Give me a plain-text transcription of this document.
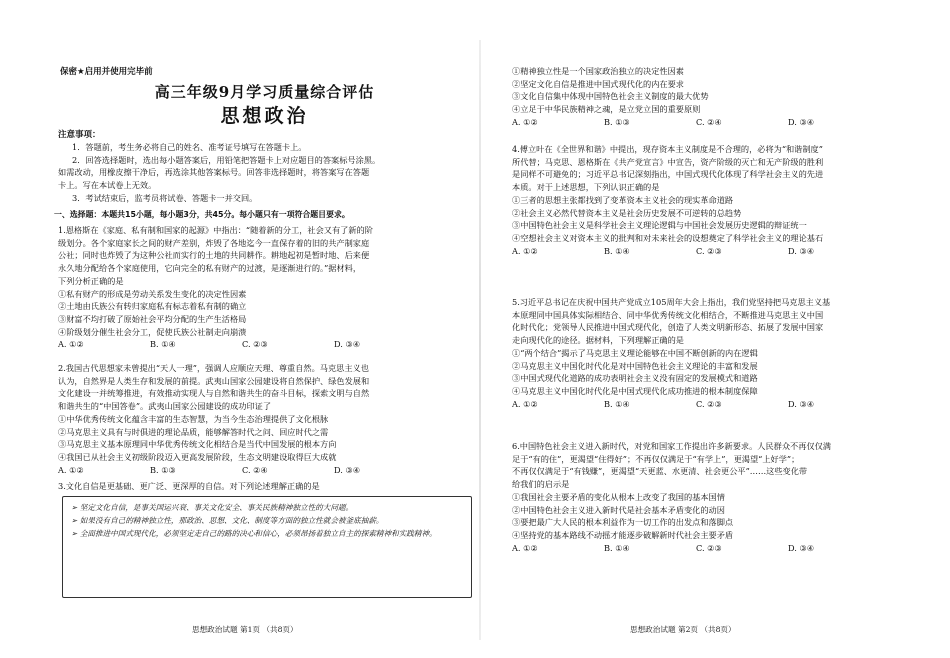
保密★启用并使用完毕前
高三年级9月学习质量综合评估
思想政治
注意事项：
1．答题前，考生务必将自己的姓名、准考证号填写在答题卡上。
2．回答选择题时，选出每小题答案后，用铅笔把答题卡上对应题目的答案标号涂黑。
如需改动，用橡皮擦干净后，再选涂其他答案标号。回答非选择题时，将答案写在答题
卡上。写在本试卷上无效。
3．考试结束后，监考员将试卷、答题卡一并交回。
一、选择题：本题共15小题，每小题3分，共45分。每小题只有一项符合题目要求。
1.恩格斯在《家庭、私有制和国家的起源》中指出：“随着新的分工，社会又有了新的阶
级划分。各个家庭家长之间的财产差别，炸毁了各地迄今一直保存着的旧的共产制家庭
公社；同时也炸毁了为这种公社而实行的土地的共同耕作。耕地起初是暂时地、后来便
永久地分配给各个家庭使用，它向完全的私有财产的过渡，是逐渐进行的。”据材料，
下列分析正确的是
①私有财产的形成是劳动关系发生变化的决定性因素
②土地由氏族公有转归家庭私有标志着私有制的确立
③财富不均打破了原始社会平均分配的生产生活格局
④阶级划分催生社会分工，促使氏族公社制走向崩溃
A. ①②	B. ①④	C. ②③	D. ③④
2.我国古代思想家未曾提出“天人一理”，强调人应顺应天理、尊重自然。马克思主义也
认为，自然界是人类生存和发展的前提。武夷山国家公园建设将自然保护、绿色发展和
文化建设一并统筹推进，有效推动实现人与自然和谐共生的奋斗目标，探索文明与自然
和谐共生的“中国答卷”。武夷山国家公园建设的成功印证了
①中华优秀传统文化蕴含丰富的生态智慧，为当今生态治理提供了文化根脉
②马克思主义具有与时俱进的理论品质，能够解答时代之问、回应时代之需
③马克思主义基本原理同中华优秀传统文化相结合是当代中国发展的根本方向
④我国已从社会主义初级阶段迈入更高发展阶段，生态文明建设取得巨大成就
A. ①②	B. ①③	C. ②④	D. ③④
3.文化自信是更基础、更广泛、更深厚的自信。对下列论述理解正确的是
➢ 坚定文化自信，是事关国运兴衰、事关文化安全、事关民族精神独立性的大问题。
➢ 如果没有自己的精神独立性，那政治、思想、文化、制度等方面的独立性就会被釜底抽薪。
➢ 全面推进中国式现代化，必须坚定走自己的路的决心和信心，必须昂扬着独立自主的探索精神和实践精神。
思想政治试题 第1页 （共8页）
①精神独立性是一个国家政治独立的决定性因素
②坚定文化自信是推进中国式现代化的内在要求
③文化自信集中体现中国特色社会主义制度的最大优势
④立足于中华民族精神之魂，是立党立国的重要原则
A. ①②	B. ①③	C. ②④	D. ③④
4.傅立叶在《全世界和谐》中提出，现存资本主义制度是不合理的，必将为“和谐制度”
所代替；马克思、恩格斯在《共产党宣言》中宣告，资产阶级的灭亡和无产阶级的胜利
是同样不可避免的；习近平总书记深刻指出，中国式现代化体现了科学社会主义的先进
本质。对于上述思想，下列认识正确的是
①三者的思想主张都找到了变革资本主义社会的现实革命道路
②社会主义必然代替资本主义是社会历史发展不可逆转的总趋势
③中国特色社会主义是科学社会主义理论逻辑与中国社会发展历史逻辑的辩证统一
④空想社会主义对资本主义的批判和对未来社会的设想奠定了科学社会主义的理论基石
A. ①②	B. ①④	C. ②③	D. ③④
5.习近平总书记在庆祝中国共产党成立105周年大会上指出，我们党坚持把马克思主义基
本原理同中国具体实际相结合、同中华优秀传统文化相结合，不断推进马克思主义中国
化时代化；党领导人民推进中国式现代化，创造了人类文明新形态、拓展了发展中国家
走向现代化的途径。据材料，下列理解正确的是
①“两个结合”揭示了马克思主义理论能够在中国不断创新的内在逻辑
②马克思主义中国化时代化是对中国特色社会主义理论的丰富和发展
③中国式现代化道路的成功表明社会主义没有固定的发展模式和道路
④马克思主义中国化时代化是中国式现代化成功推进的根本制度保障
A. ①②	B. ①④	C. ②③	D. ③④
6.中国特色社会主义进入新时代，对党和国家工作提出许多新要求。人民群众不再仅仅满
足于“有的住”，更渴望“住得好”；不再仅仅满足于“有学上”，更渴望“上好学”；
不再仅仅满足于“有钱赚”，更渴望“天更蓝、水更清、社会更公平”……这些变化带
给我们的启示是
①我国社会主要矛盾的变化从根本上改变了我国的基本国情
②中国特色社会主义进入新时代是社会基本矛盾变化的动因
③要把最广大人民的根本利益作为一切工作的出发点和落脚点
④坚持党的基本路线不动摇才能逐步破解新时代社会主要矛盾
A. ①②	B. ①④	C. ②③	D. ③④
思想政治试题 第2页 （共8页）
